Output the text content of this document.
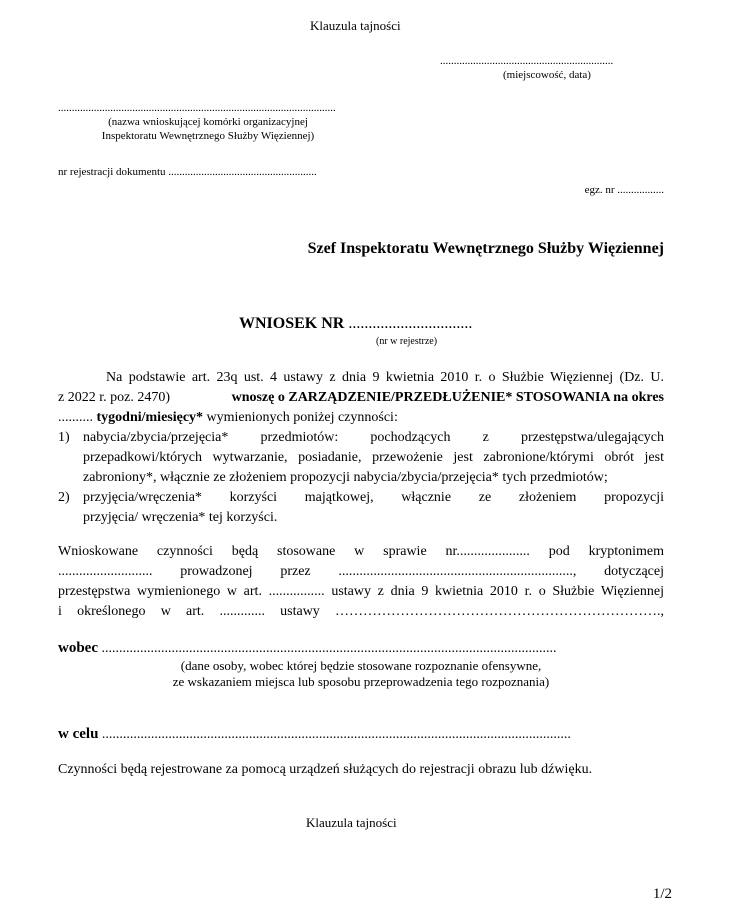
Klauzula tajności
...............................................................
(miejscowość, data)
.....................................................................................................
(nazwa wnioskującej komórki organizacyjnej
Inspektoratu Wewnętrznego Służby Więziennej)
nr rejestracji dokumentu ......................................................
egz. nr .................
Szef Inspektoratu Wewnętrznego Służby Więziennej
WNIOSEK NR ...............................
(nr w rejestrze)
Na podstawie art. 23q ust. 4 ustawy z dnia 9 kwietnia 2010 r. o Służbie Więziennej (Dz. U.
z 2022 r. poz. 2470)	wnoszę o ZARZĄDZENIE/PRZEDŁUŻENIE* STOSOWANIA na okres
.......... tygodni/miesięcy* wymienionych poniżej czynności:
1) nabycia/zbycia/przejęcia* przedmiotów: pochodzących z przestępstwa/ulegających
przepadkowi/których wytwarzanie, posiadanie, przewożenie jest zabronione/którymi obrót jest
zabroniony*, włącznie ze złożeniem propozycji nabycia/zbycia/przejęcia* tych przedmiotów;
2) przyjęcia/wręczenia* korzyści majątkowej, włącznie ze złożeniem propozycji
przyjęcia/ wręczenia* tej korzyści.
Wnioskowane czynności będą stosowane w sprawie nr..................... pod kryptonimem
........................... prowadzonej przez ..................................................................., dotyczącej
przestępstwa wymienionego w art. ................ ustawy z dnia 9 kwietnia 2010 r. o Służbie Więziennej
i określonego w art. ............. ustawy …………………………………………………………….,
wobec ..................................................................................................................................
(dane osoby, wobec której będzie stosowane rozpoznanie ofensywne,
ze wskazaniem miejsca lub sposobu przeprowadzenia tego rozpoznania)
w celu ......................................................................................................................................
Czynności będą rejestrowane za pomocą urządzeń służących do rejestracji obrazu lub dźwięku.
Klauzula tajności
1/2
